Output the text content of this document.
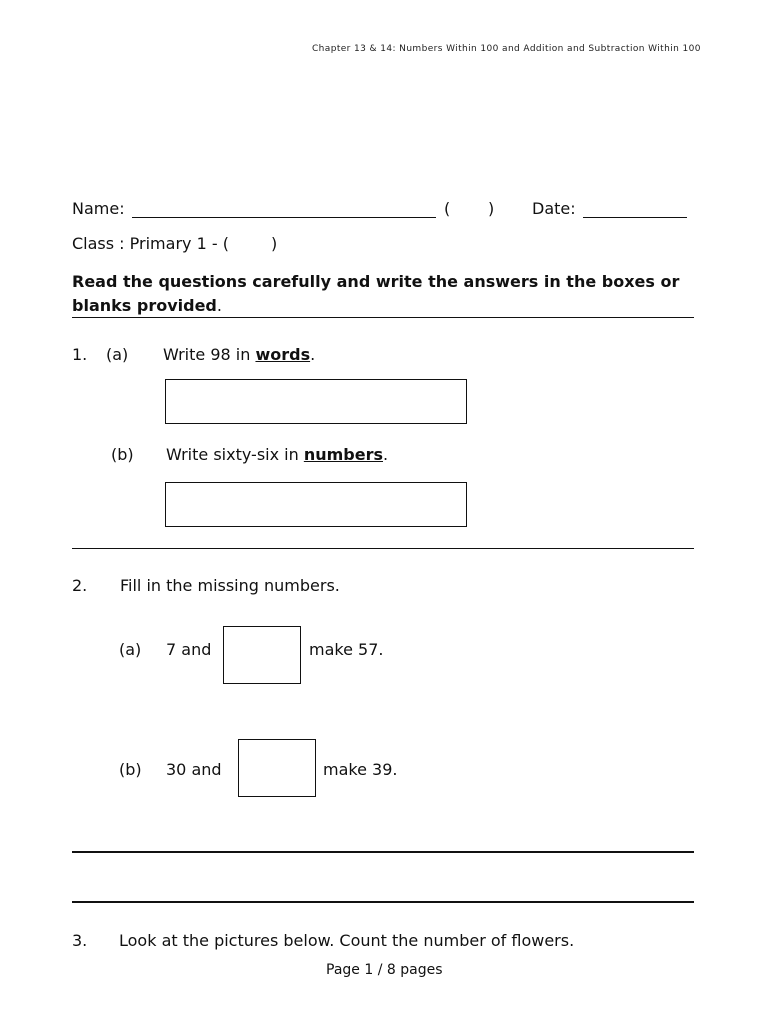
Chapter 13 & 14: Numbers Within 100 and Addition and Subtraction Within 100
Name:	( ) Date:
Class : Primary 1 - (	)
Read the questions carefully and write the answers in the boxes or
blanks provided.
1. (a) Write 98 in words.
(b) Write sixty-six in numbers.
2. Fill in the missing numbers.
(a) 7 and	make 57.
(b) 30 and	make 39.
3. Look at the pictures below. Count the number of flowers.
Page 1 / 8 pages
